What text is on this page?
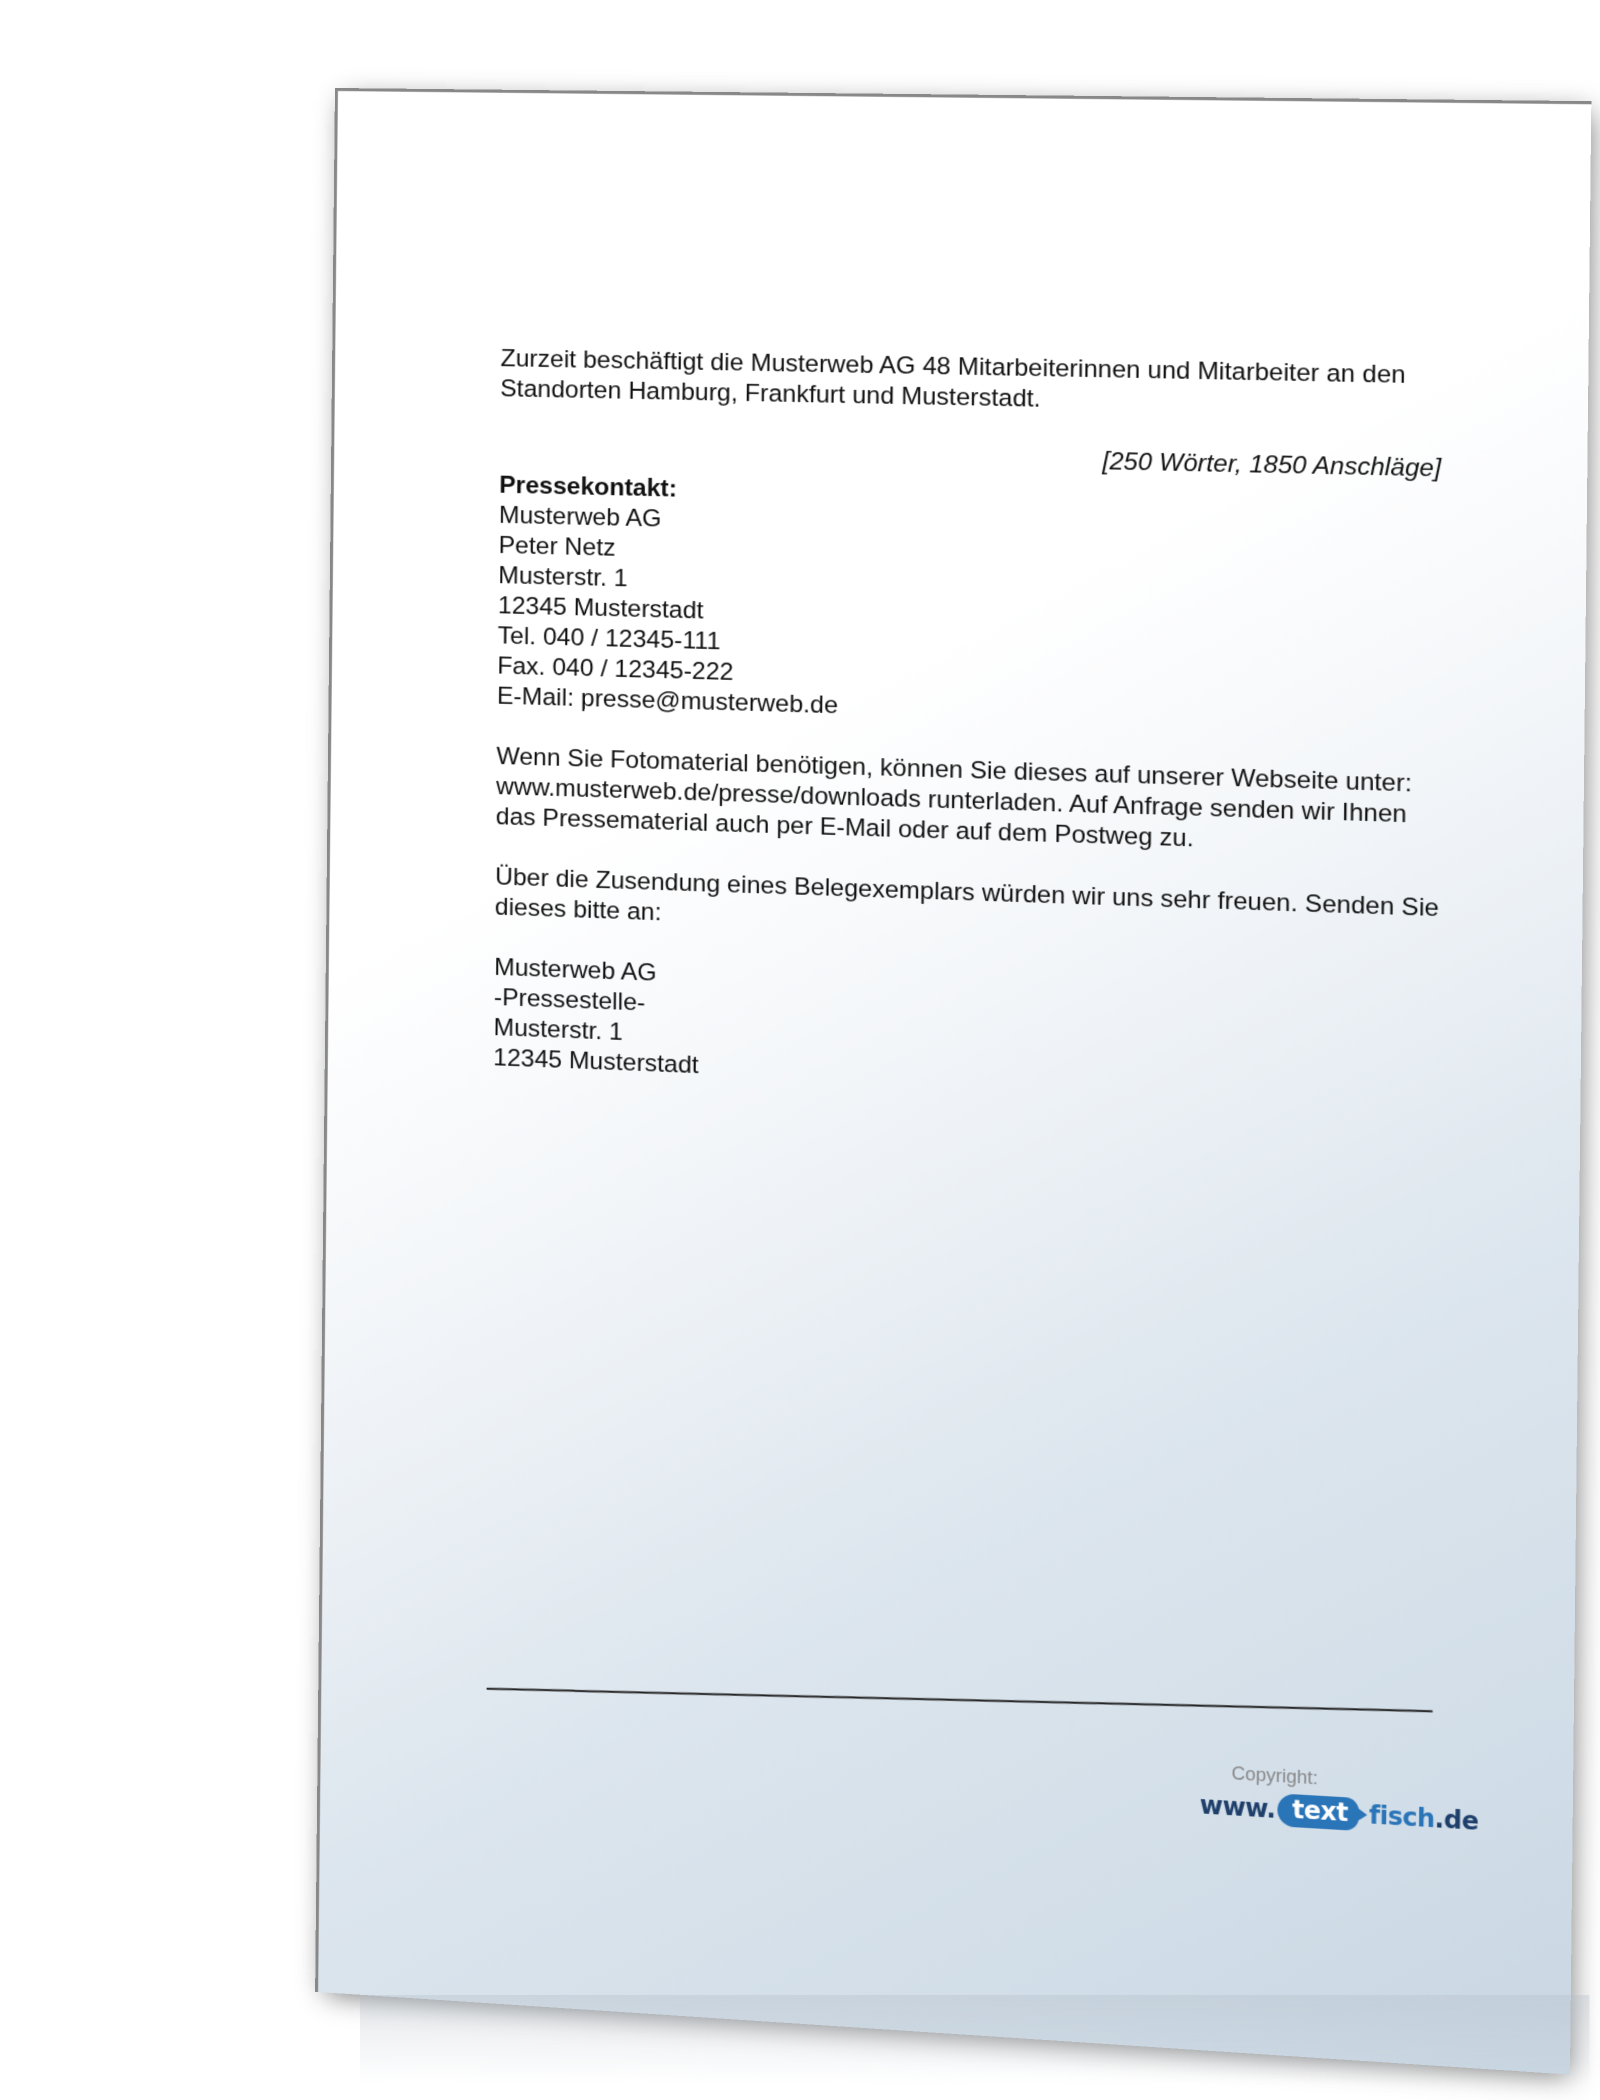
Zurzeit beschäftigt die Musterweb AG 48 Mitarbeiterinnen und Mitarbeiter an den Standorten Hamburg, Frankfurt und Musterstadt.

[250 Wörter, 1850 Anschläge]

Pressekontakt:
Musterweb AG
Peter Netz
Musterstr. 1
12345 Musterstadt
Tel. 040 / 12345-111
Fax. 040 / 12345-222
E-Mail: presse@musterweb.de

Wenn Sie Fotomaterial benötigen, können Sie dieses auf unserer Webseite unter: www.musterweb.de/presse/downloads runterladen. Auf Anfrage senden wir Ihnen das Pressematerial auch per E-Mail oder auf dem Postweg zu.

Über die Zusendung eines Belegexemplars würden wir uns sehr freuen. Senden Sie dieses bitte an:

Musterweb AG
-Pressestelle-
Musterstr. 1
12345 Musterstadt
Copyright:
www. text fisch .de
